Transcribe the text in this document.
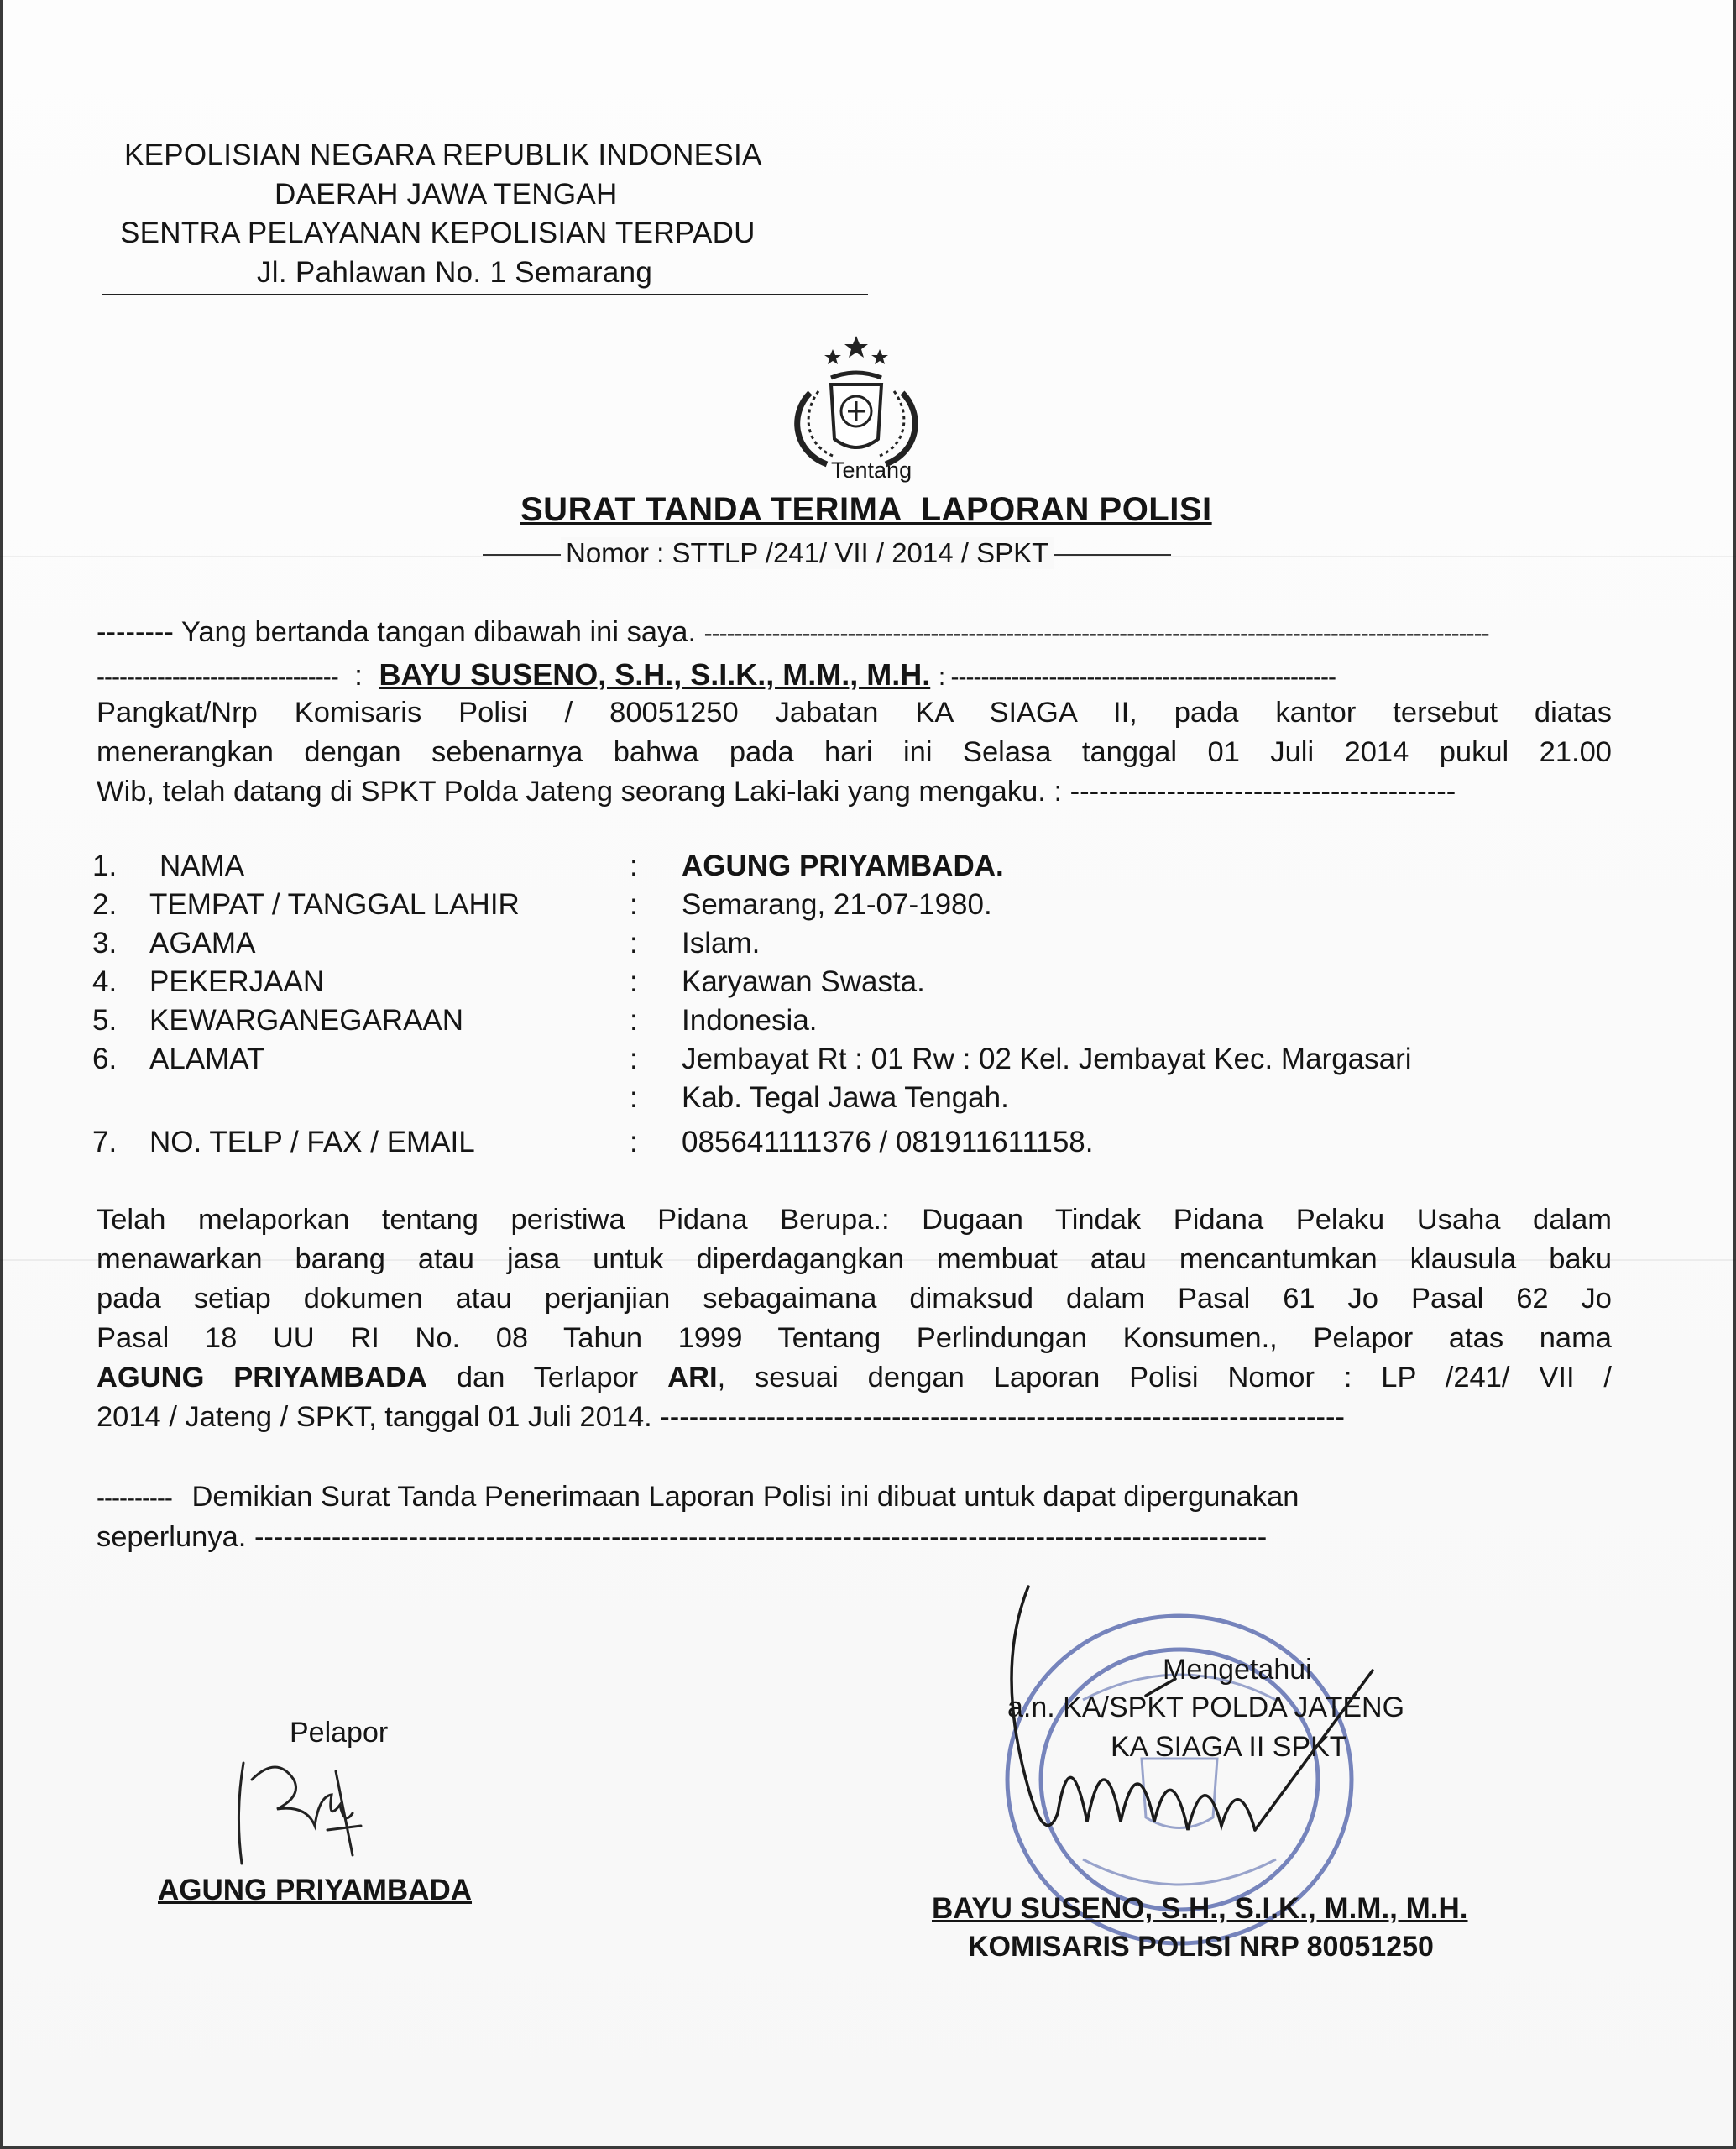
KEPOLISIAN NEGARA REPUBLIK INDONESIA
DAERAH JAWA TENGAH
SENTRA PELAYANAN KEPOLISIAN TERPADU
Jl. Pahlawan No. 1 Semarang
Tentang
SURAT TANDA TERIMA  LAPORAN POLISI
Nomor : STTLP /241/ VII / 2014 / SPKT
-------- Yang bertanda tangan dibawah ini saya. --------------------------------------------------------------------------------------------------------
-------------------------------- : BAYU SUSENO, S.H., S.I.K., M.M., M.H. : ---------------------------------------------------
Pangkat/Nrp Komisaris Polisi / 80051250 Jabatan KA SIAGA II, pada kantor tersebut diatas
menerangkan dengan sebenarnya bahwa pada hari ini Selasa tanggal 01 Juli 2014 pukul 21.00
Wib, telah datang di SPKT Polda Jateng seorang Laki-laki yang mengaku. : ----------------------------------------
1. NAMA	: AGUNG PRIYAMBADA.
2. TEMPAT / TANGGAL LAHIR	: Semarang, 21-07-1980.
3. AGAMA	: Islam.
4. PEKERJAAN	: Karyawan Swasta.
5. KEWARGANEGARAAN	: Indonesia.
6. ALAMAT	: Jembayat Rt : 01 Rw : 02 Kel. Jembayat Kec. Margasari
: Kab. Tegal Jawa Tengah.
7. NO. TELP / FAX / EMAIL	: 085641111376 / 081911611158.
Telah melaporkan tentang peristiwa Pidana Berupa.: Dugaan Tindak Pidana Pelaku Usaha dalam
menawarkan barang atau jasa untuk diperdagangkan membuat atau mencantumkan klausula baku
pada setiap dokumen atau perjanjian sebagaimana dimaksud dalam Pasal 61 Jo Pasal 62 Jo
Pasal 18 UU RI No. 08 Tahun 1999 Tentang Perlindungan Konsumen., Pelapor atas nama
AGUNG PRIYAMBADA dan Terlapor ARI, sesuai dengan Laporan Polisi Nomor : LP /241/ VII /
2014 / Jateng / SPKT, tanggal 01 Juli 2014. -----------------------------------------------------------------------
---------- Demikian Surat Tanda Penerimaan Laporan Polisi ini dibuat untuk dapat dipergunakan
seperlunya. ---------------------------------------------------------------------------------------------------------
Pelapor
AGUNG PRIYAMBADA
Mengetahui
a.n. KA/SPKT POLDA JATENG
KA SIAGA II SPKT
BAYU SUSENO, S.H., S.I.K., M.M., M.H.
KOMISARIS POLISI NRP 80051250
